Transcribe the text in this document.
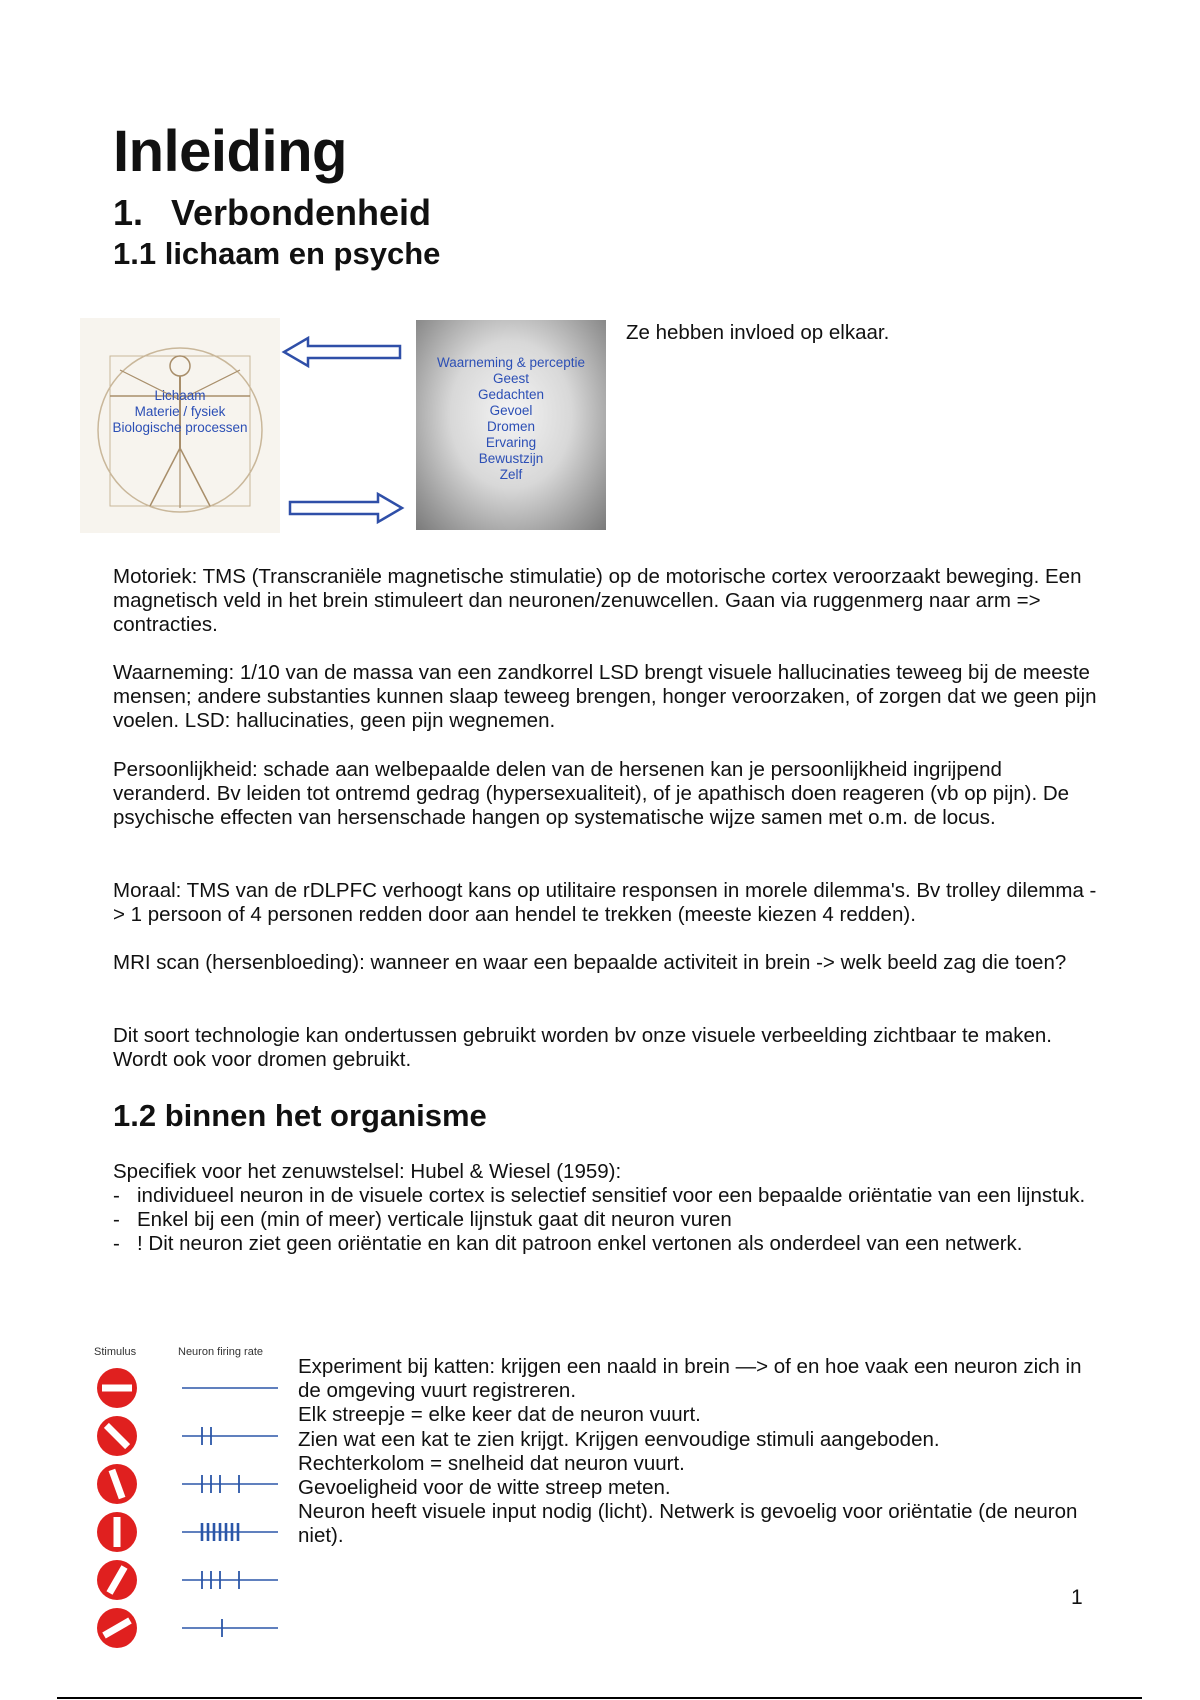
Inleiding
1. Verbondenheid
1.1 lichaam en psyche
Lichaam
Materie / fysiek
Biologische processen
Waarneming & perceptie
Geest
Gedachten
Gevoel
Dromen
Ervaring
Bewustzijn
Zelf
Ze hebben invloed op elkaar.

Motoriek: TMS (Transcraniële magnetische stimulatie) op de motorische cortex veroorzaakt beweging. Een magnetisch veld in het brein stimuleert dan neuronen/zenuwcellen. Gaan via ruggenmerg naar arm => contracties.

Waarneming: 1/10 van de massa van een zandkorrel LSD brengt visuele hallucinaties teweeg bij de meeste mensen; andere substanties kunnen slaap teweeg brengen, honger veroorzaken, of zorgen dat we geen pijn voelen. LSD: hallucinaties, geen pijn wegnemen.

Persoonlijkheid: schade aan welbepaalde delen van de hersenen kan je persoonlijkheid ingrijpend veranderd. Bv leiden tot ontremd gedrag (hypersexualiteit), of je apathisch doen reageren (vb op pijn). De psychische effecten van hersenschade hangen op systematische wijze samen met o.m. de locus.

Moraal: TMS van de rDLPFC verhoogt kans op utilitaire responsen in morele dilemma's. Bv trolley dilemma -> 1 persoon of 4 personen redden door aan hendel te trekken (meeste kiezen 4 redden).

MRI scan (hersenbloeding): wanneer en waar een bepaalde activiteit in brein -> welk beeld zag die toen?

Dit soort technologie kan ondertussen gebruikt worden bv onze visuele verbeelding zichtbaar te maken. Wordt ook voor dromen gebruikt.

1.2 binnen het organisme

Specifiek voor het zenuwstelsel: Hubel & Wiesel (1959):

- individueel neuron in de visuele cortex is selectief sensitief voor een bepaalde oriëntatie van een lijnstuk.
- Enkel bij een (min of meer) verticale lijnstuk gaat dit neuron vuren
- ! Dit neuron ziet geen oriëntatie en kan dit patroon enkel vertonen als onderdeel van een netwerk.
Stimulus	Neuron firing rate
Experiment bij katten: krijgen een naald in brein —> of en hoe vaak een neuron zich in de omgeving vuurt registreren.
Elk streepje = elke keer dat de neuron vuurt.
Zien wat een kat te zien krijgt. Krijgen eenvoudige stimuli aangeboden.
Rechterkolom = snelheid dat neuron vuurt.
Gevoeligheid voor de witte streep meten.
Neuron heeft visuele input nodig (licht). Netwerk is gevoelig voor oriëntatie (de neuron niet).
1
